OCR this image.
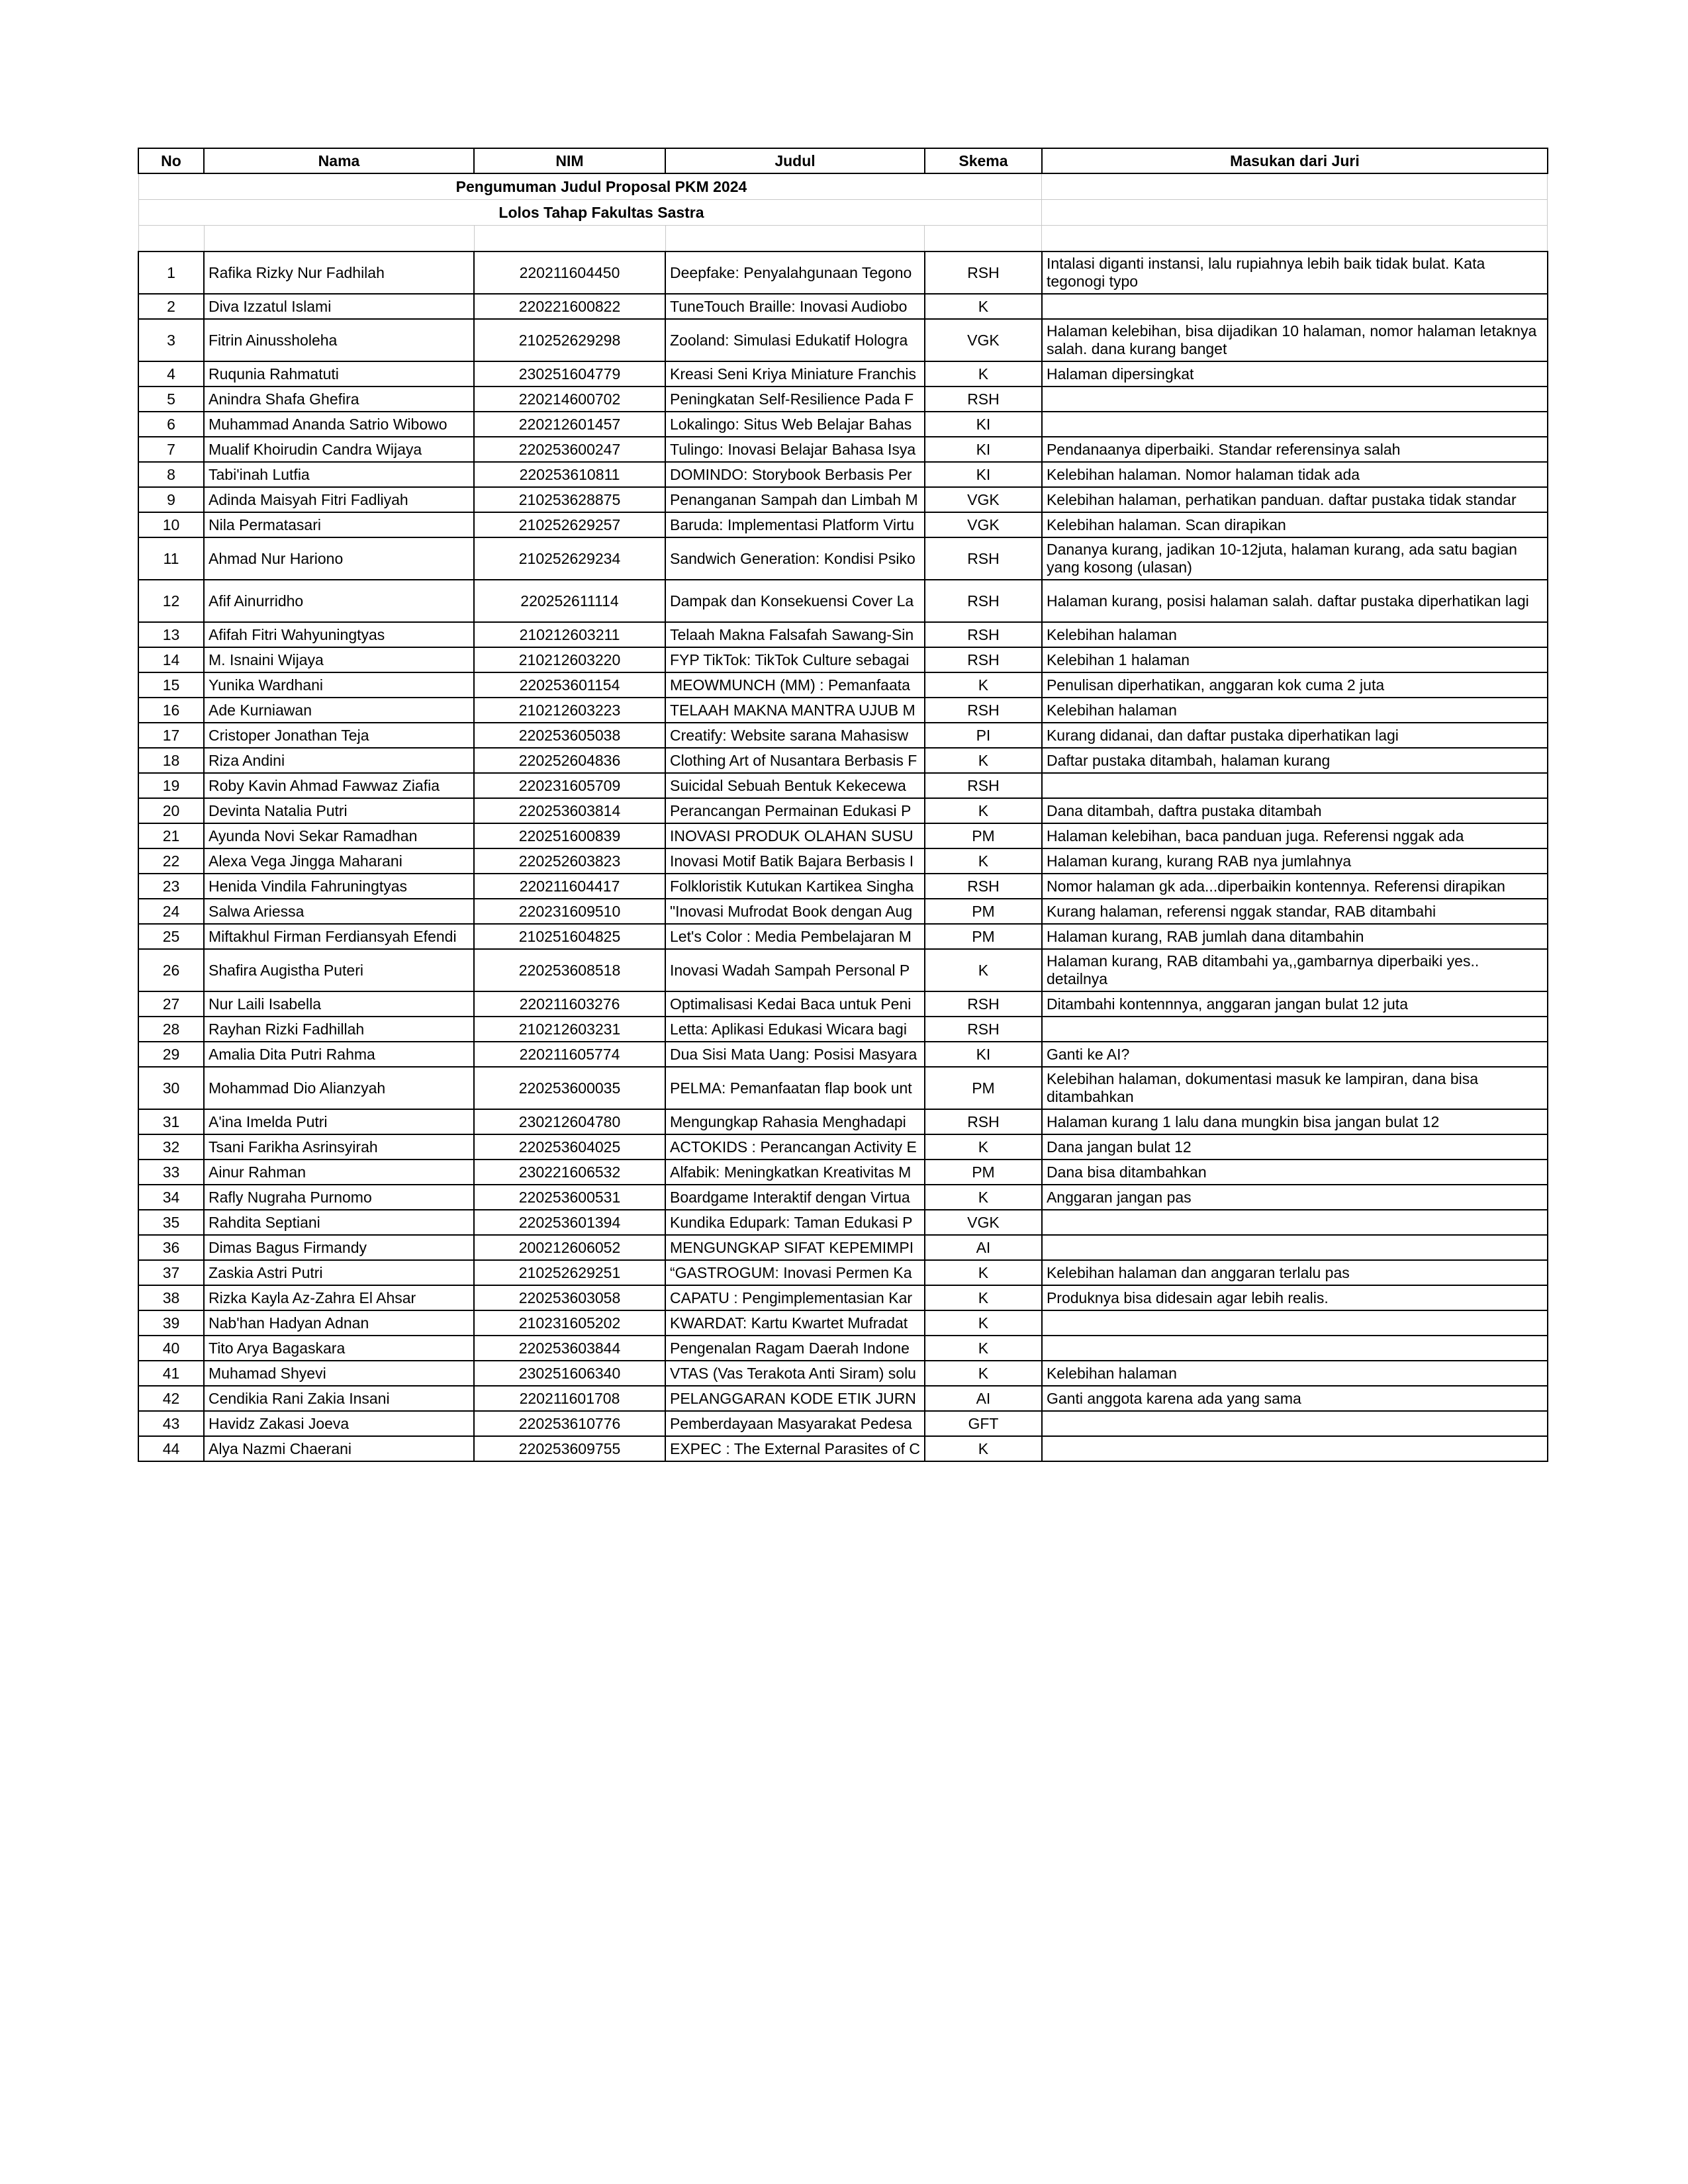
Pengumuman Judul Proposal PKM 2024					
Lolos Tahap Fakultas Sastra					

No	Nama	NIM	Judul	Skema	Masukan dari Juri
1	Rafika Rizky Nur Fadhilah	220211604450	Deepfake: Penyalahgunaan Tegono	RSH	Intalasi diganti instansi, lalu rupiahnya lebih baik tidak bulat. Kata tegonogi typo
2	Diva Izzatul Islami	220221600822	TuneTouch Braille: Inovasi Audiobo	K	
3	Fitrin Ainussholeha	210252629298	Zooland: Simulasi Edukatif Hologra	VGK	Halaman kelebihan, bisa dijadikan 10 halaman, nomor halaman letaknya salah. dana kurang banget
4	Ruqunia Rahmatuti	230251604779	Kreasi Seni Kriya Miniature Franchis	K	Halaman dipersingkat
5	Anindra Shafa Ghefira	220214600702	Peningkatan Self-Resilience Pada F	RSH	
6	Muhammad Ananda Satrio Wibowo	220212601457	Lokalingo: Situs Web Belajar Bahas	KI	
7	Mualif Khoirudin Candra Wijaya	220253600247	Tulingo: Inovasi Belajar Bahasa Isya	KI	Pendanaanya diperbaiki. Standar referensinya salah
8	Tabi'inah Lutfia	220253610811	DOMINDO: Storybook Berbasis Per	KI	Kelebihan halaman. Nomor halaman tidak ada
9	Adinda Maisyah Fitri Fadliyah	210253628875	Penanganan Sampah dan Limbah M	VGK	Kelebihan halaman, perhatikan panduan. daftar pustaka tidak standar
10	Nila Permatasari	210252629257	Baruda: Implementasi Platform Virtu	VGK	Kelebihan halaman. Scan dirapikan
11	Ahmad Nur Hariono	210252629234	Sandwich Generation: Kondisi Psiko	RSH	Dananya kurang, jadikan 10-12juta, halaman kurang, ada satu bagian yang kosong (ulasan)
12	Afif Ainurridho	220252611114	Dampak dan Konsekuensi Cover La	RSH	Halaman kurang, posisi halaman salah. daftar pustaka diperhatikan lagi
13	Afifah Fitri Wahyuningtyas	210212603211	Telaah Makna Falsafah Sawang-Sin	RSH	Kelebihan halaman
14	M. Isnaini Wijaya	210212603220	FYP TikTok: TikTok Culture sebagai	RSH	Kelebihan 1 halaman
15	Yunika Wardhani	220253601154	MEOWMUNCH (MM) : Pemanfaata	K	Penulisan diperhatikan, anggaran kok cuma 2 juta
16	Ade Kurniawan	210212603223	TELAAH MAKNA MANTRA UJUB M	RSH	Kelebihan halaman
17	Cristoper Jonathan Teja	220253605038	Creatify: Website sarana Mahasisw	PI	Kurang didanai, dan daftar pustaka diperhatikan lagi
18	Riza Andini	220252604836	Clothing Art of Nusantara Berbasis F	K	Daftar pustaka ditambah, halaman kurang
19	Roby Kavin Ahmad Fawwaz Ziafia	220231605709	Suicidal Sebuah Bentuk Kekecewa	RSH	
20	Devinta Natalia Putri	220253603814	Perancangan Permainan Edukasi P	K	Dana ditambah, daftra pustaka ditambah
21	Ayunda Novi Sekar Ramadhan	220251600839	INOVASI PRODUK OLAHAN SUSU	PM	Halaman kelebihan, baca panduan juga. Referensi nggak ada
22	Alexa Vega Jingga Maharani	220252603823	Inovasi Motif Batik Bajara Berbasis I	K	Halaman kurang, kurang RAB nya jumlahnya
23	Henida Vindila Fahruningtyas	220211604417	Folkloristik Kutukan Kartikea Singha	RSH	Nomor halaman gk ada...diperbaikin kontennya. Referensi dirapikan
24	Salwa Ariessa	220231609510	"Inovasi Mufrodat Book dengan Aug	PM	Kurang halaman, referensi nggak standar, RAB ditambahi
25	Miftakhul Firman Ferdiansyah Efendi	210251604825	Let's Color : Media Pembelajaran M	PM	Halaman kurang, RAB jumlah dana ditambahin
26	Shafira Augistha Puteri	220253608518	Inovasi Wadah Sampah Personal P	K	Halaman kurang, RAB ditambahi ya,,gambarnya diperbaiki yes.. detailnya
27	Nur Laili Isabella	220211603276	Optimalisasi Kedai Baca untuk Peni	RSH	Ditambahi kontennnya, anggaran jangan bulat 12 juta
28	Rayhan Rizki Fadhillah	210212603231	Letta: Aplikasi Edukasi Wicara bagi	RSH	
29	Amalia Dita Putri Rahma	220211605774	Dua Sisi Mata Uang: Posisi Masyara	KI	Ganti ke AI?
30	Mohammad Dio Alianzyah	220253600035	PELMA: Pemanfaatan flap book unt	PM	Kelebihan halaman, dokumentasi masuk ke lampiran, dana bisa ditambahkan
31	A'ina Imelda Putri	230212604780	Mengungkap Rahasia Menghadapi	RSH	Halaman kurang 1 lalu dana mungkin bisa jangan bulat 12
32	Tsani Farikha Asrinsyirah	220253604025	ACTOKIDS : Perancangan Activity E	K	Dana jangan bulat 12
33	Ainur Rahman	230221606532	Alfabik: Meningkatkan Kreativitas M	PM	Dana bisa ditambahkan
34	Rafly Nugraha Purnomo	220253600531	Boardgame Interaktif dengan Virtua	K	Anggaran jangan pas
35	Rahdita Septiani	220253601394	Kundika Edupark: Taman Edukasi P	VGK	
36	Dimas Bagus Firmandy	200212606052	MENGUNGKAP SIFAT KEPEMIMPI	AI	
37	Zaskia Astri Putri	210252629251	“GASTROGUM: Inovasi Permen Ka	K	Kelebihan halaman dan anggaran terlalu pas
38	Rizka Kayla Az-Zahra El Ahsar	220253603058	CAPATU : Pengimplementasian Kar	K	Produknya bisa didesain agar lebih realis.
39	Nab'han Hadyan Adnan	210231605202	KWARDAT: Kartu Kwartet Mufradat	K	
40	Tito Arya Bagaskara	220253603844	Pengenalan Ragam Daerah Indone	K	
41	Muhamad Shyevi	230251606340	VTAS (Vas Terakota Anti Siram) solu	K	Kelebihan halaman
42	Cendikia Rani Zakia Insani	220211601708	PELANGGARAN KODE ETIK JURN	AI	Ganti anggota karena ada yang sama
43	Havidz Zakasi Joeva	220253610776	Pemberdayaan Masyarakat Pedesa	GFT	
44	Alya Nazmi Chaerani	220253609755	EXPEC : The External Parasites of C	K	
